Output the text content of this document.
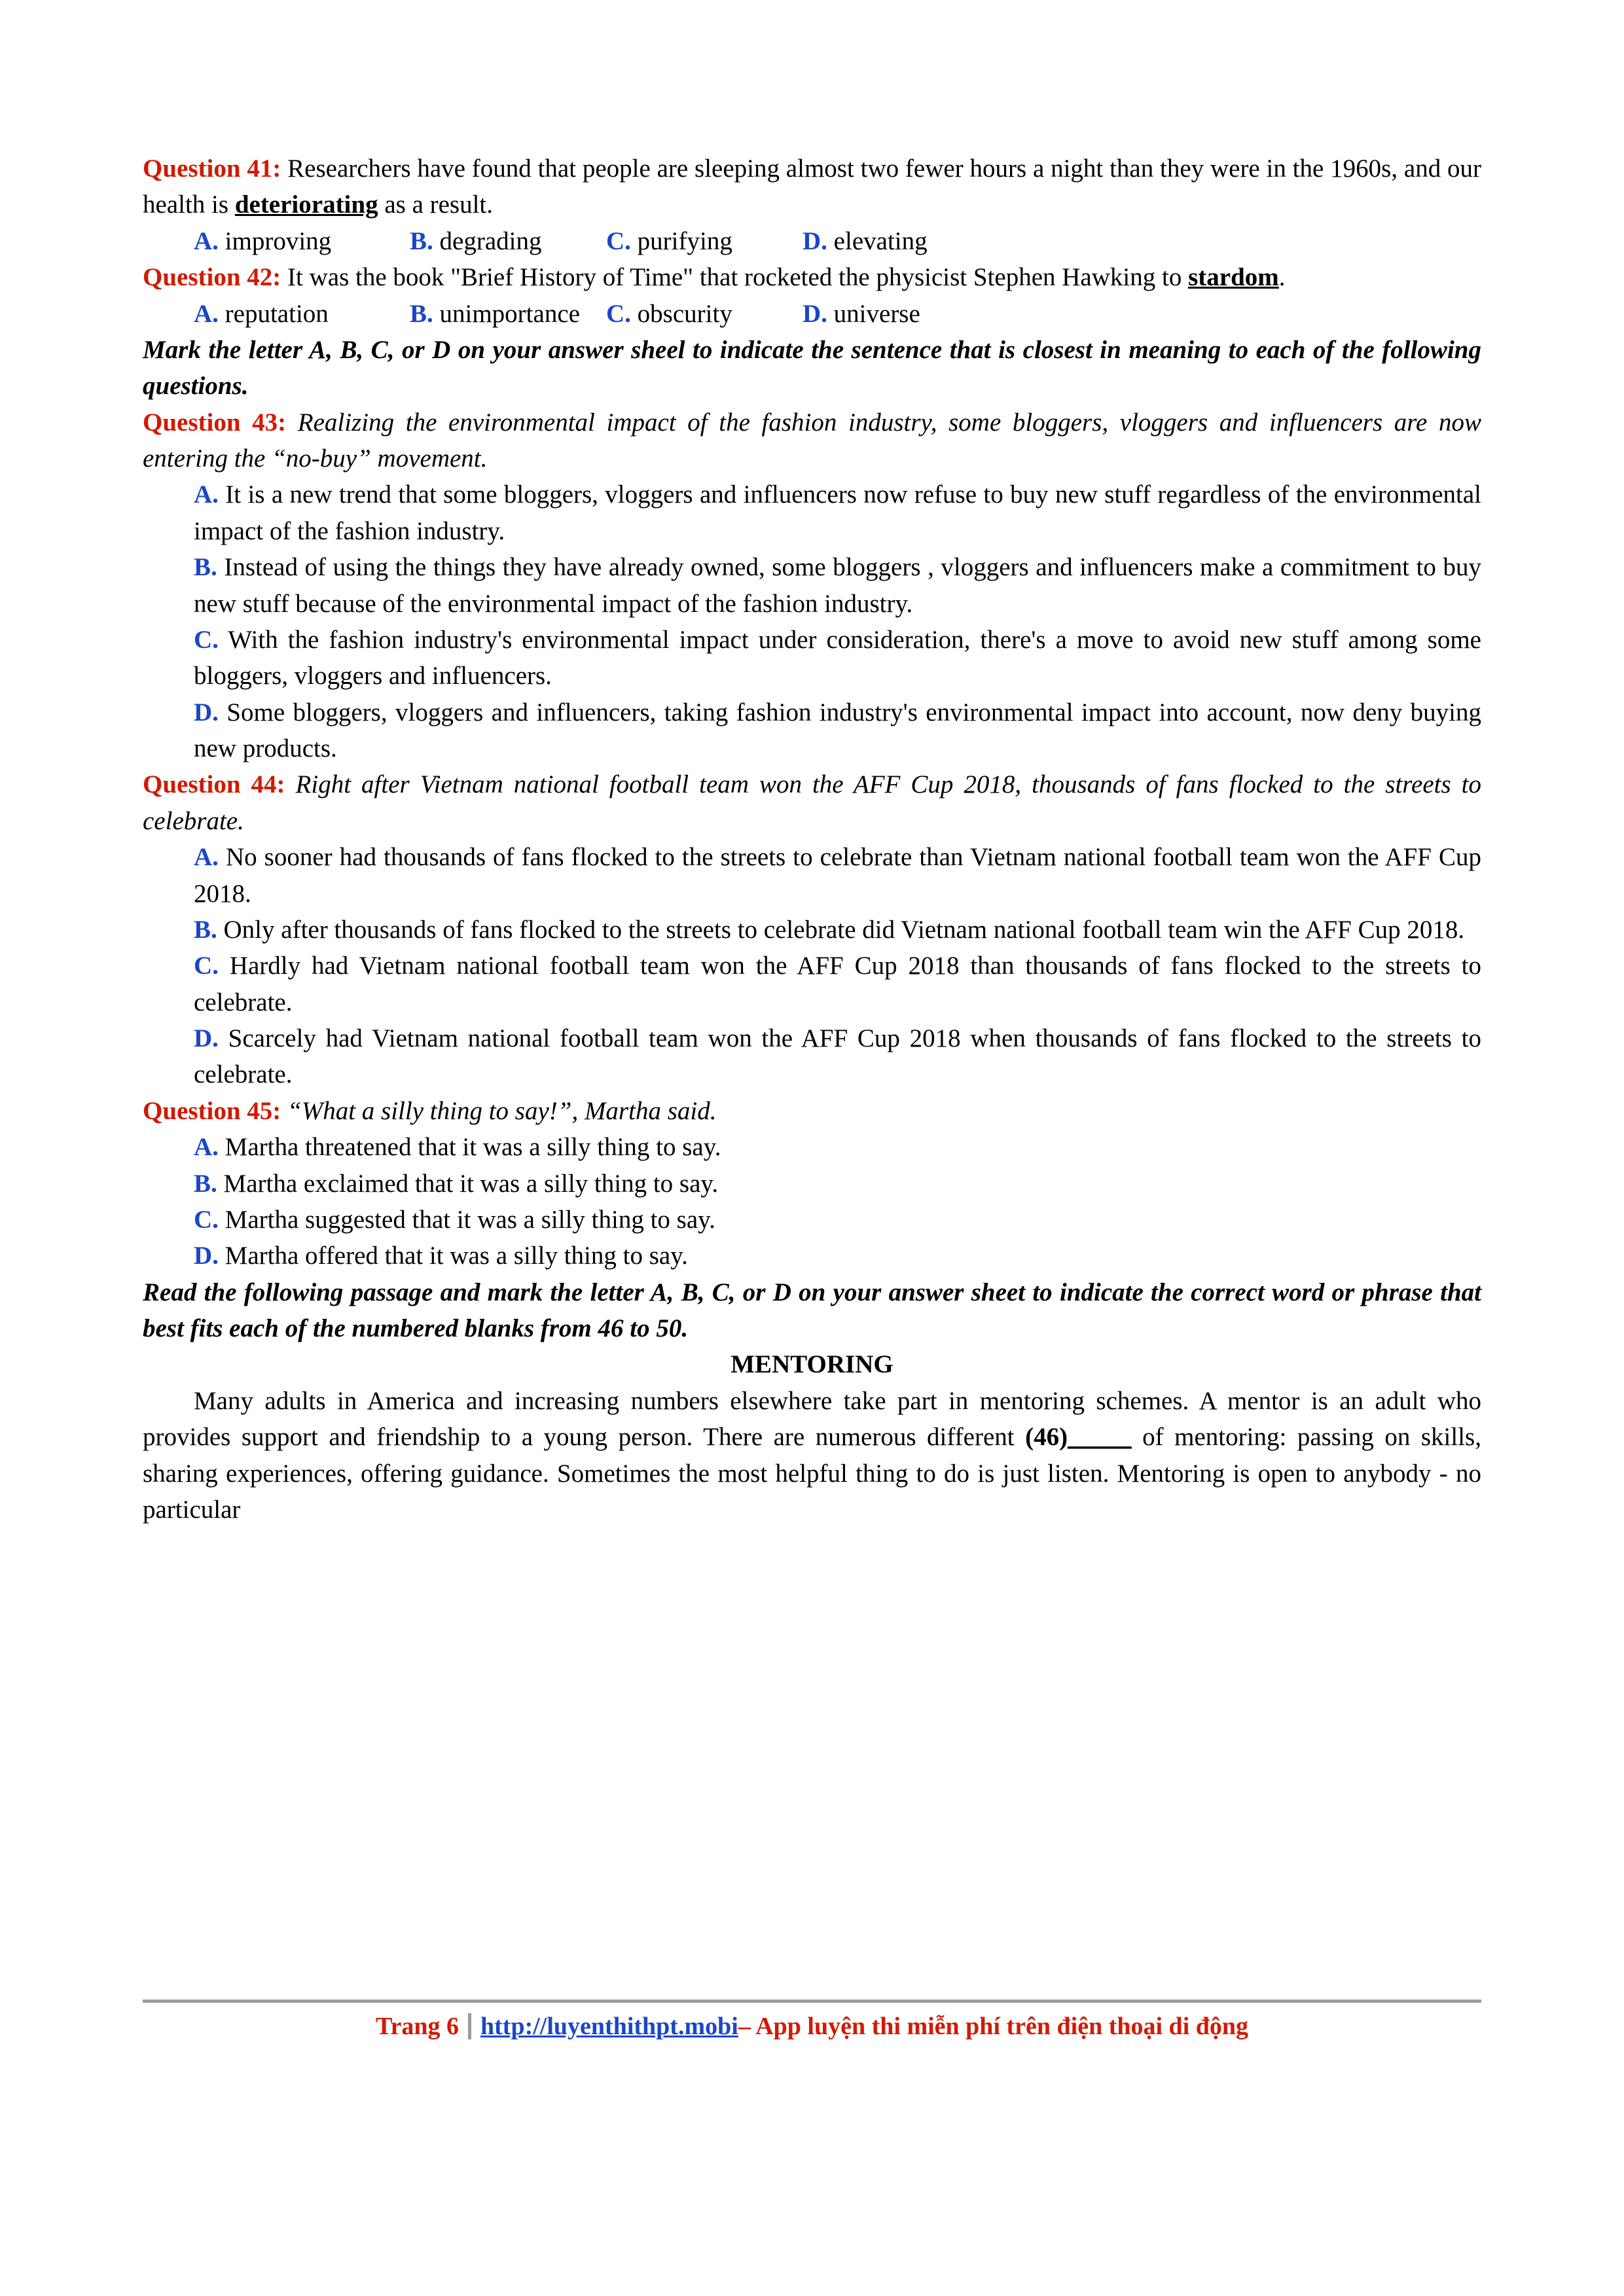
Question 41: Researchers have found that people are sleeping almost two fewer hours a night than they were in the 1960s, and our health is deteriorating as a result.

A. improving	B. degrading	C. purifying	D. elevating

Question 42: It was the book "Brief History of Time" that rocketed the physicist Stephen Hawking to stardom.

A. reputation	B. unimportance C. obscurity	D. universe

Mark the letter A, B, C, or D on your answer sheel to indicate the sentence that is closest in meaning to each of the following questions.

Question 43: Realizing the environmental impact of the fashion industry, some bloggers, vloggers and influencers are now entering the “no-buy” movement.

A. It is a new trend that some bloggers, vloggers and influencers now refuse to buy new stuff regardless of the environmental impact of the fashion industry.

B. Instead of using the things they have already owned, some bloggers , vloggers and influencers make a commitment to buy new stuff because of the environmental impact of the fashion industry.

C. With the fashion industry's environmental impact under consideration, there's a move to avoid new stuff among some bloggers, vloggers and influencers.

D. Some bloggers, vloggers and influencers, taking fashion industry's environmental impact into account, now deny buying new products.

Question 44: Right after Vietnam national football team won the AFF Cup 2018, thousands of fans flocked to the streets to celebrate.

A. No sooner had thousands of fans flocked to the streets to celebrate than Vietnam national football team won the AFF Cup 2018.

B. Only after thousands of fans flocked to the streets to celebrate did Vietnam national football team win the AFF Cup 2018.

C. Hardly had Vietnam national football team won the AFF Cup 2018 than thousands of fans flocked to the streets to celebrate.

D. Scarcely had Vietnam national football team won the AFF Cup 2018 when thousands of fans flocked to the streets to celebrate.

Question 45: “What a silly thing to say!”, Martha said.

A. Martha threatened that it was a silly thing to say.

B. Martha exclaimed that it was a silly thing to say.

C. Martha suggested that it was a silly thing to say.

D. Martha offered that it was a silly thing to say.

Read the following passage and mark the letter A, B, C, or D on your answer sheet to indicate the correct word or phrase that best fits each of the numbered blanks from 46 to 50.

MENTORING

Many adults in America and increasing numbers elsewhere take part in mentoring schemes. A mentor is an adult who provides support and friendship to a young person. There are numerous different (46)_____ of mentoring: passing on skills, sharing experiences, offering guidance. Sometimes the most helpful thing to do is just listen. Mentoring is open to anybody - no particular

Trang 6 http://luyenthithpt.mobi– App luyện thi miễn phí trên điện thoại di động
